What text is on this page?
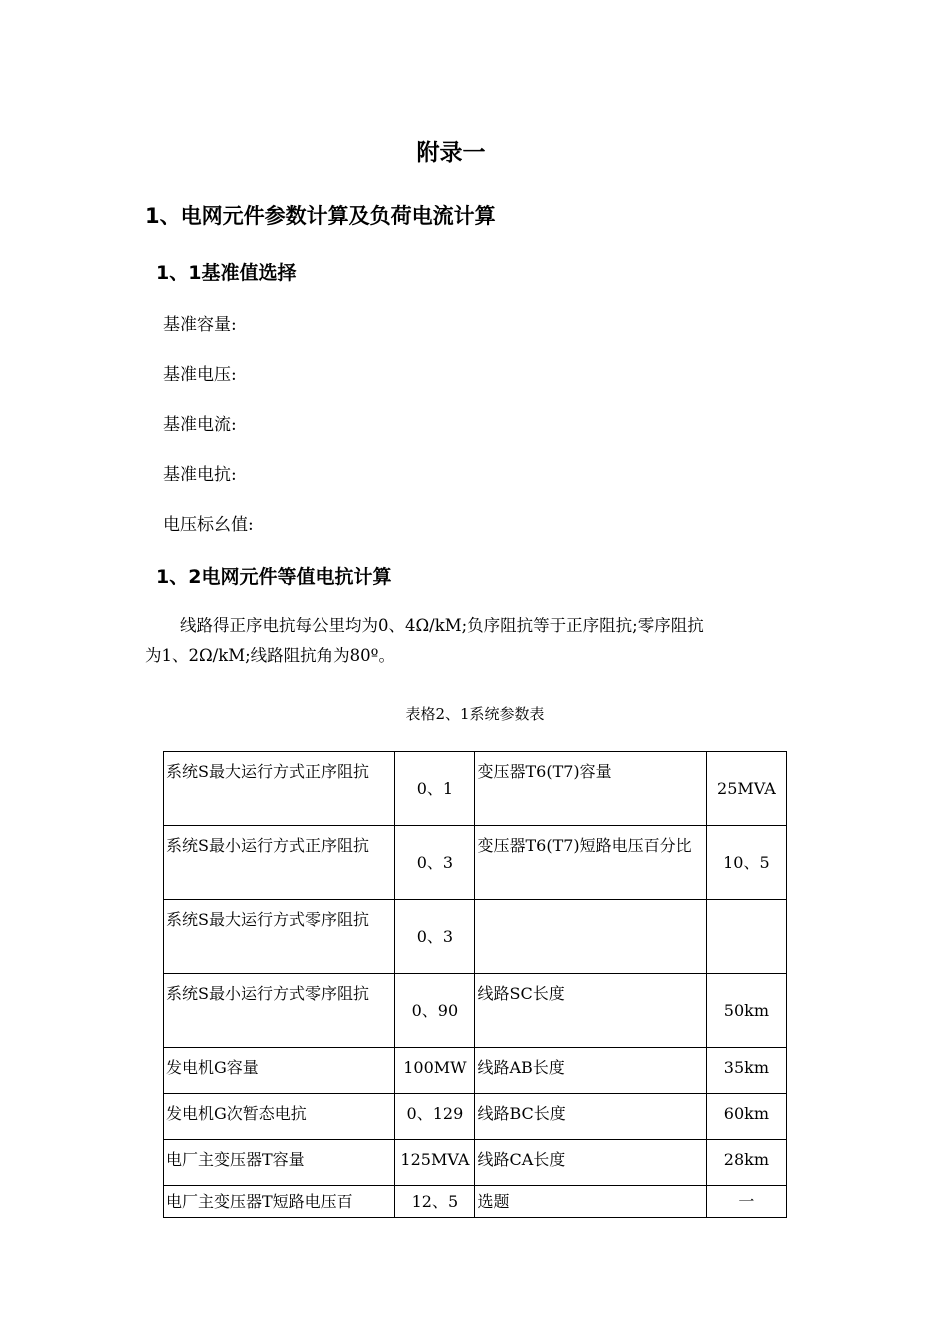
附录一
1、电网元件参数计算及负荷电流计算
1、1基准值选择
基准容量:
基准电压:
基准电流:
基准电抗:
电压标幺值:
1、2电网元件等值电抗计算
线路得正序电抗每公里均为0、4Ω/kM;负序阻抗等于正序阻抗;零序阻抗
为1、2Ω/kM;线路阻抗角为80º。
表格2、1系统参数表
系统S最大运行方式正序阻抗	0、1	变压器T6(T7)容量	25MVA
系统S最小运行方式正序阻抗	0、3	变压器T6(T7)短路电压百分比	10、5
系统S最大运行方式零序阻抗	0、3		
系统S最小运行方式零序阻抗	0、90	线路SC长度	50km
发电机G容量	100MW	线路AB长度	35km
发电机G次暂态电抗	0、129	线路BC长度	60km
电厂主变压器T容量	125MVA	线路CA长度	28km
电厂主变压器T短路电压百	12、5	选题	一
